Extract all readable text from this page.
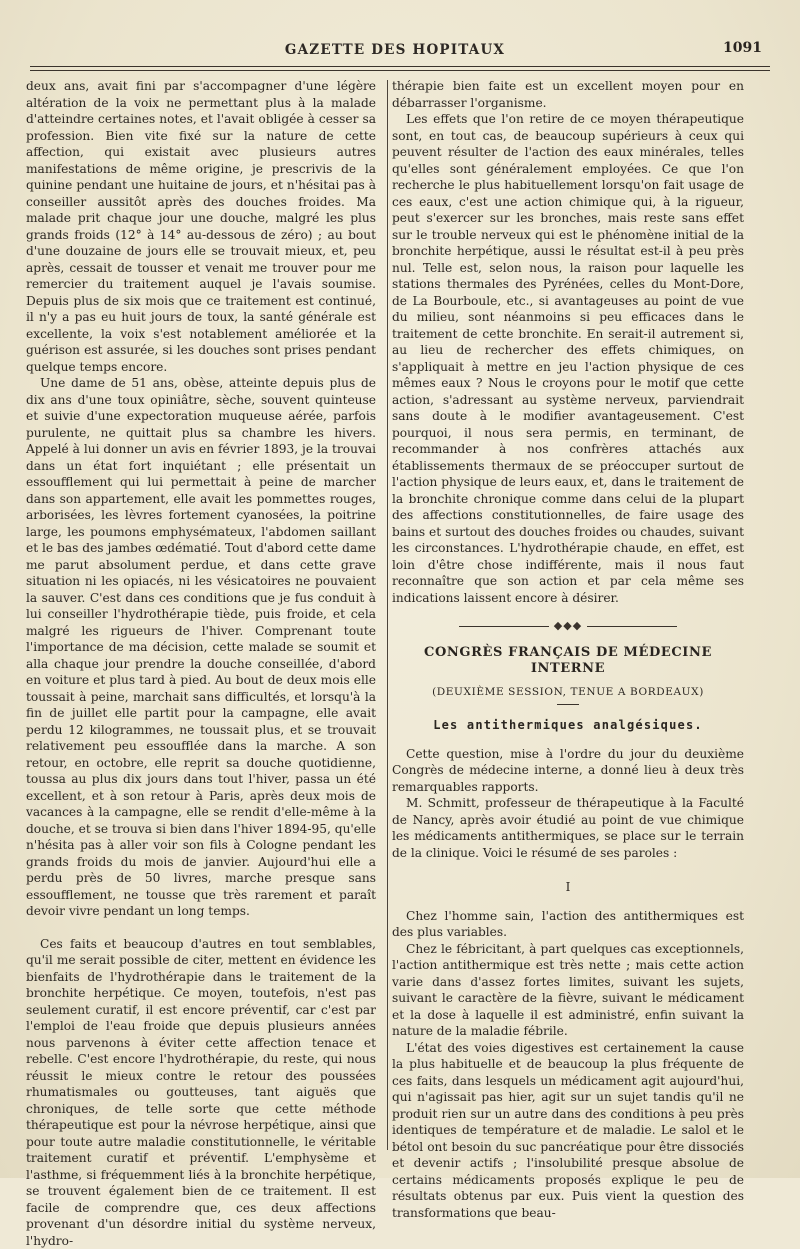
GAZETTE DES HOPITAUX	1091

deux ans, avait fini par s'accompagner d'une légère altération de la voix ne permettant plus à la malade d'atteindre certaines notes, et l'avait obligée à cesser sa profession. Bien vite fixé sur la nature de cette affection, qui existait avec plusieurs autres manifestations de même origine, je prescrivis de la quinine pendant une huitaine de jours, et n'hésitai pas à conseiller aussitôt après des douches froides. Ma malade prit chaque jour une douche, malgré les plus grands froids (12° à 14° au-dessous de zéro) ; au bout d'une douzaine de jours elle se trouvait mieux, et, peu après, cessait de tousser et venait me trouver pour me remercier du traitement auquel je l'avais soumise. Depuis plus de six mois que ce traitement est continué, il n'y a pas eu huit jours de toux, la santé générale est excellente, la voix s'est notablement améliorée et la guérison est assurée, si les douches sont prises pendant quelque temps encore.

Une dame de 51 ans, obèse, atteinte depuis plus de dix ans d'une toux opiniâtre, sèche, souvent quinteuse et suivie d'une expectoration muqueuse aérée, parfois purulente, ne quittait plus sa chambre les hivers. Appelé à lui donner un avis en février 1893, je la trouvai dans un état fort inquiétant ; elle présentait un essoufflement qui lui permettait à peine de marcher dans son appartement, elle avait les pommettes rouges, arborisées, les lèvres fortement cyanosées, la poitrine large, les poumons emphysémateux, l'abdomen saillant et le bas des jambes œdématié. Tout d'abord cette dame me parut absolument perdue, et dans cette grave situation ni les opiacés, ni les vésicatoires ne pouvaient la sauver. C'est dans ces conditions que je fus conduit à lui conseiller l'hydrothérapie tiède, puis froide, et cela malgré les rigueurs de l'hiver. Comprenant toute l'importance de ma décision, cette malade se soumit et alla chaque jour prendre la douche conseillée, d'abord en voiture et plus tard à pied. Au bout de deux mois elle toussait à peine, marchait sans difficultés, et lorsqu'à la fin de juillet elle partit pour la campagne, elle avait perdu 12 kilogrammes, ne toussait plus, et se trouvait relativement peu essoufflée dans la marche. A son retour, en octobre, elle reprit sa douche quotidienne, toussa au plus dix jours dans tout l'hiver, passa un été excellent, et à son retour à Paris, après deux mois de vacances à la campagne, elle se rendit d'elle-même à la douche, et se trouva si bien dans l'hiver 1894-95, qu'elle n'hésita pas à aller voir son fils à Cologne pendant les grands froids du mois de janvier. Aujourd'hui elle a perdu près de 50 livres, marche presque sans essoufflement, ne tousse que très rarement et paraît devoir vivre pendant un long temps.

Ces faits et beaucoup d'autres en tout semblables, qu'il me serait possible de citer, mettent en évidence les bienfaits de l'hydrothérapie dans le traitement de la bronchite herpétique. Ce moyen, toutefois, n'est pas seulement curatif, il est encore préventif, car c'est par l'emploi de l'eau froide que depuis plusieurs années nous parvenons à éviter cette affection tenace et rebelle. C'est encore l'hydrothérapie, du reste, qui nous réussit le mieux contre le retour des poussées rhumatismales ou goutteuses, tant aiguës que chroniques, de telle sorte que cette méthode thérapeutique est pour la névrose herpétique, ainsi que pour toute autre maladie constitutionnelle, le véritable traitement curatif et préventif. L'emphysème et l'asthme, si fréquemment liés à la bronchite herpétique, se trouvent également bien de ce traitement. Il est facile de comprendre que, ces deux affections provenant d'un désordre initial du système nerveux, l'hydro-

thérapie bien faite est un excellent moyen pour en débarrasser l'organisme.

Les effets que l'on retire de ce moyen thérapeutique sont, en tout cas, de beaucoup supérieurs à ceux qui peuvent résulter de l'action des eaux minérales, telles qu'elles sont généralement employées. Ce que l'on recherche le plus habituellement lorsqu'on fait usage de ces eaux, c'est une action chimique qui, à la rigueur, peut s'exercer sur les bronches, mais reste sans effet sur le trouble nerveux qui est le phénomène initial de la bronchite herpétique, aussi le résultat est-il à peu près nul. Telle est, selon nous, la raison pour laquelle les stations thermales des Pyrénées, celles du Mont-Dore, de La Bourboule, etc., si avantageuses au point de vue du milieu, sont néanmoins si peu efficaces dans le traitement de cette bronchite. En serait-il autrement si, au lieu de rechercher des effets chimiques, on s'appliquait à mettre en jeu l'action physique de ces mêmes eaux ? Nous le croyons pour le motif que cette action, s'adressant au système nerveux, parviendrait sans doute à le modifier avantageusement. C'est pourquoi, il nous sera permis, en terminant, de recommander à nos confrères attachés aux établissements thermaux de se préoccuper surtout de l'action physique de leurs eaux, et, dans le traitement de la bronchite chronique comme dans celui de la plupart des affections constitutionnelles, de faire usage des bains et surtout des douches froides ou chaudes, suivant les circonstances. L'hydrothérapie chaude, en effet, est loin d'être chose indifférente, mais il nous faut reconnaître que son action et par cela même ses indications laissent encore à désirer.

◆◆◆
CONGRÈS FRANÇAIS DE MÉDECINE INTERNE
(DEUXIÈME SESSION, TENUE A BORDEAUX)
Les antithermiques analgésiques.

Cette question, mise à l'ordre du jour du deuxième Congrès de médecine interne, a donné lieu à deux très remarquables rapports.

M. Schmitt, professeur de thérapeutique à la Faculté de Nancy, après avoir étudié au point de vue chimique les médicaments antithermiques, se place sur le terrain de la clinique. Voici le résumé de ses paroles :

I

Chez l'homme sain, l'action des antithermiques est des plus variables.

Chez le fébricitant, à part quelques cas exceptionnels, l'action antithermique est très nette ; mais cette action varie dans d'assez fortes limites, suivant les sujets, suivant le caractère de la fièvre, suivant le médicament et la dose à laquelle il est administré, enfin suivant la nature de la maladie fébrile.

L'état des voies digestives est certainement la cause la plus habituelle et de beaucoup la plus fréquente de ces faits, dans lesquels un médicament agit aujourd'hui, qui n'agissait pas hier, agit sur un sujet tandis qu'il ne produit rien sur un autre dans des conditions à peu près identiques de température et de maladie. Le salol et le bétol ont besoin du suc pancréatique pour être dissociés et devenir actifs ; l'insolubilité presque absolue de certains médicaments proposés explique le peu de résultats obtenus par eux. Puis vient la question des transformations que beau-
